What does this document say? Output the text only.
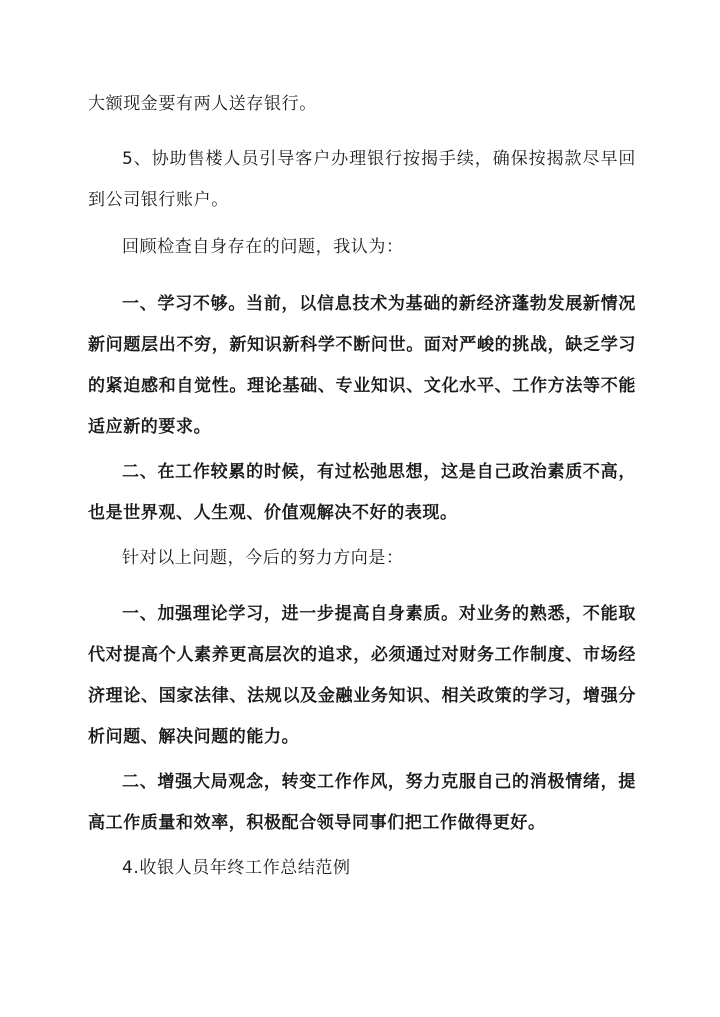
大额现金要有两人送存银行。

5、协助售楼人员引导客户办理银行按揭手续，确保按揭款尽早回到公司银行账户。

回顾检查自身存在的问题，我认为：

一、学习不够。当前，以信息技术为基础的新经济蓬勃发展新情况新问题层出不穷，新知识新科学不断问世。面对严峻的挑战，缺乏学习的紧迫感和自觉性。理论基础、专业知识、文化水平、工作方法等不能适应新的要求。

二、在工作较累的时候，有过松弛思想，这是自己政治素质不高，也是世界观、人生观、价值观解决不好的表现。

针对以上问题，今后的努力方向是：

一、加强理论学习，进一步提高自身素质。对业务的熟悉，不能取代对提高个人素养更高层次的追求，必须通过对财务工作制度、市场经济理论、国家法律、法规以及金融业务知识、相关政策的学习，增强分析问题、解决问题的能力。

二、增强大局观念，转变工作作风，努力克服自己的消极情绪，提高工作质量和效率，积极配合领导同事们把工作做得更好。

4.收银人员年终工作总结范例
